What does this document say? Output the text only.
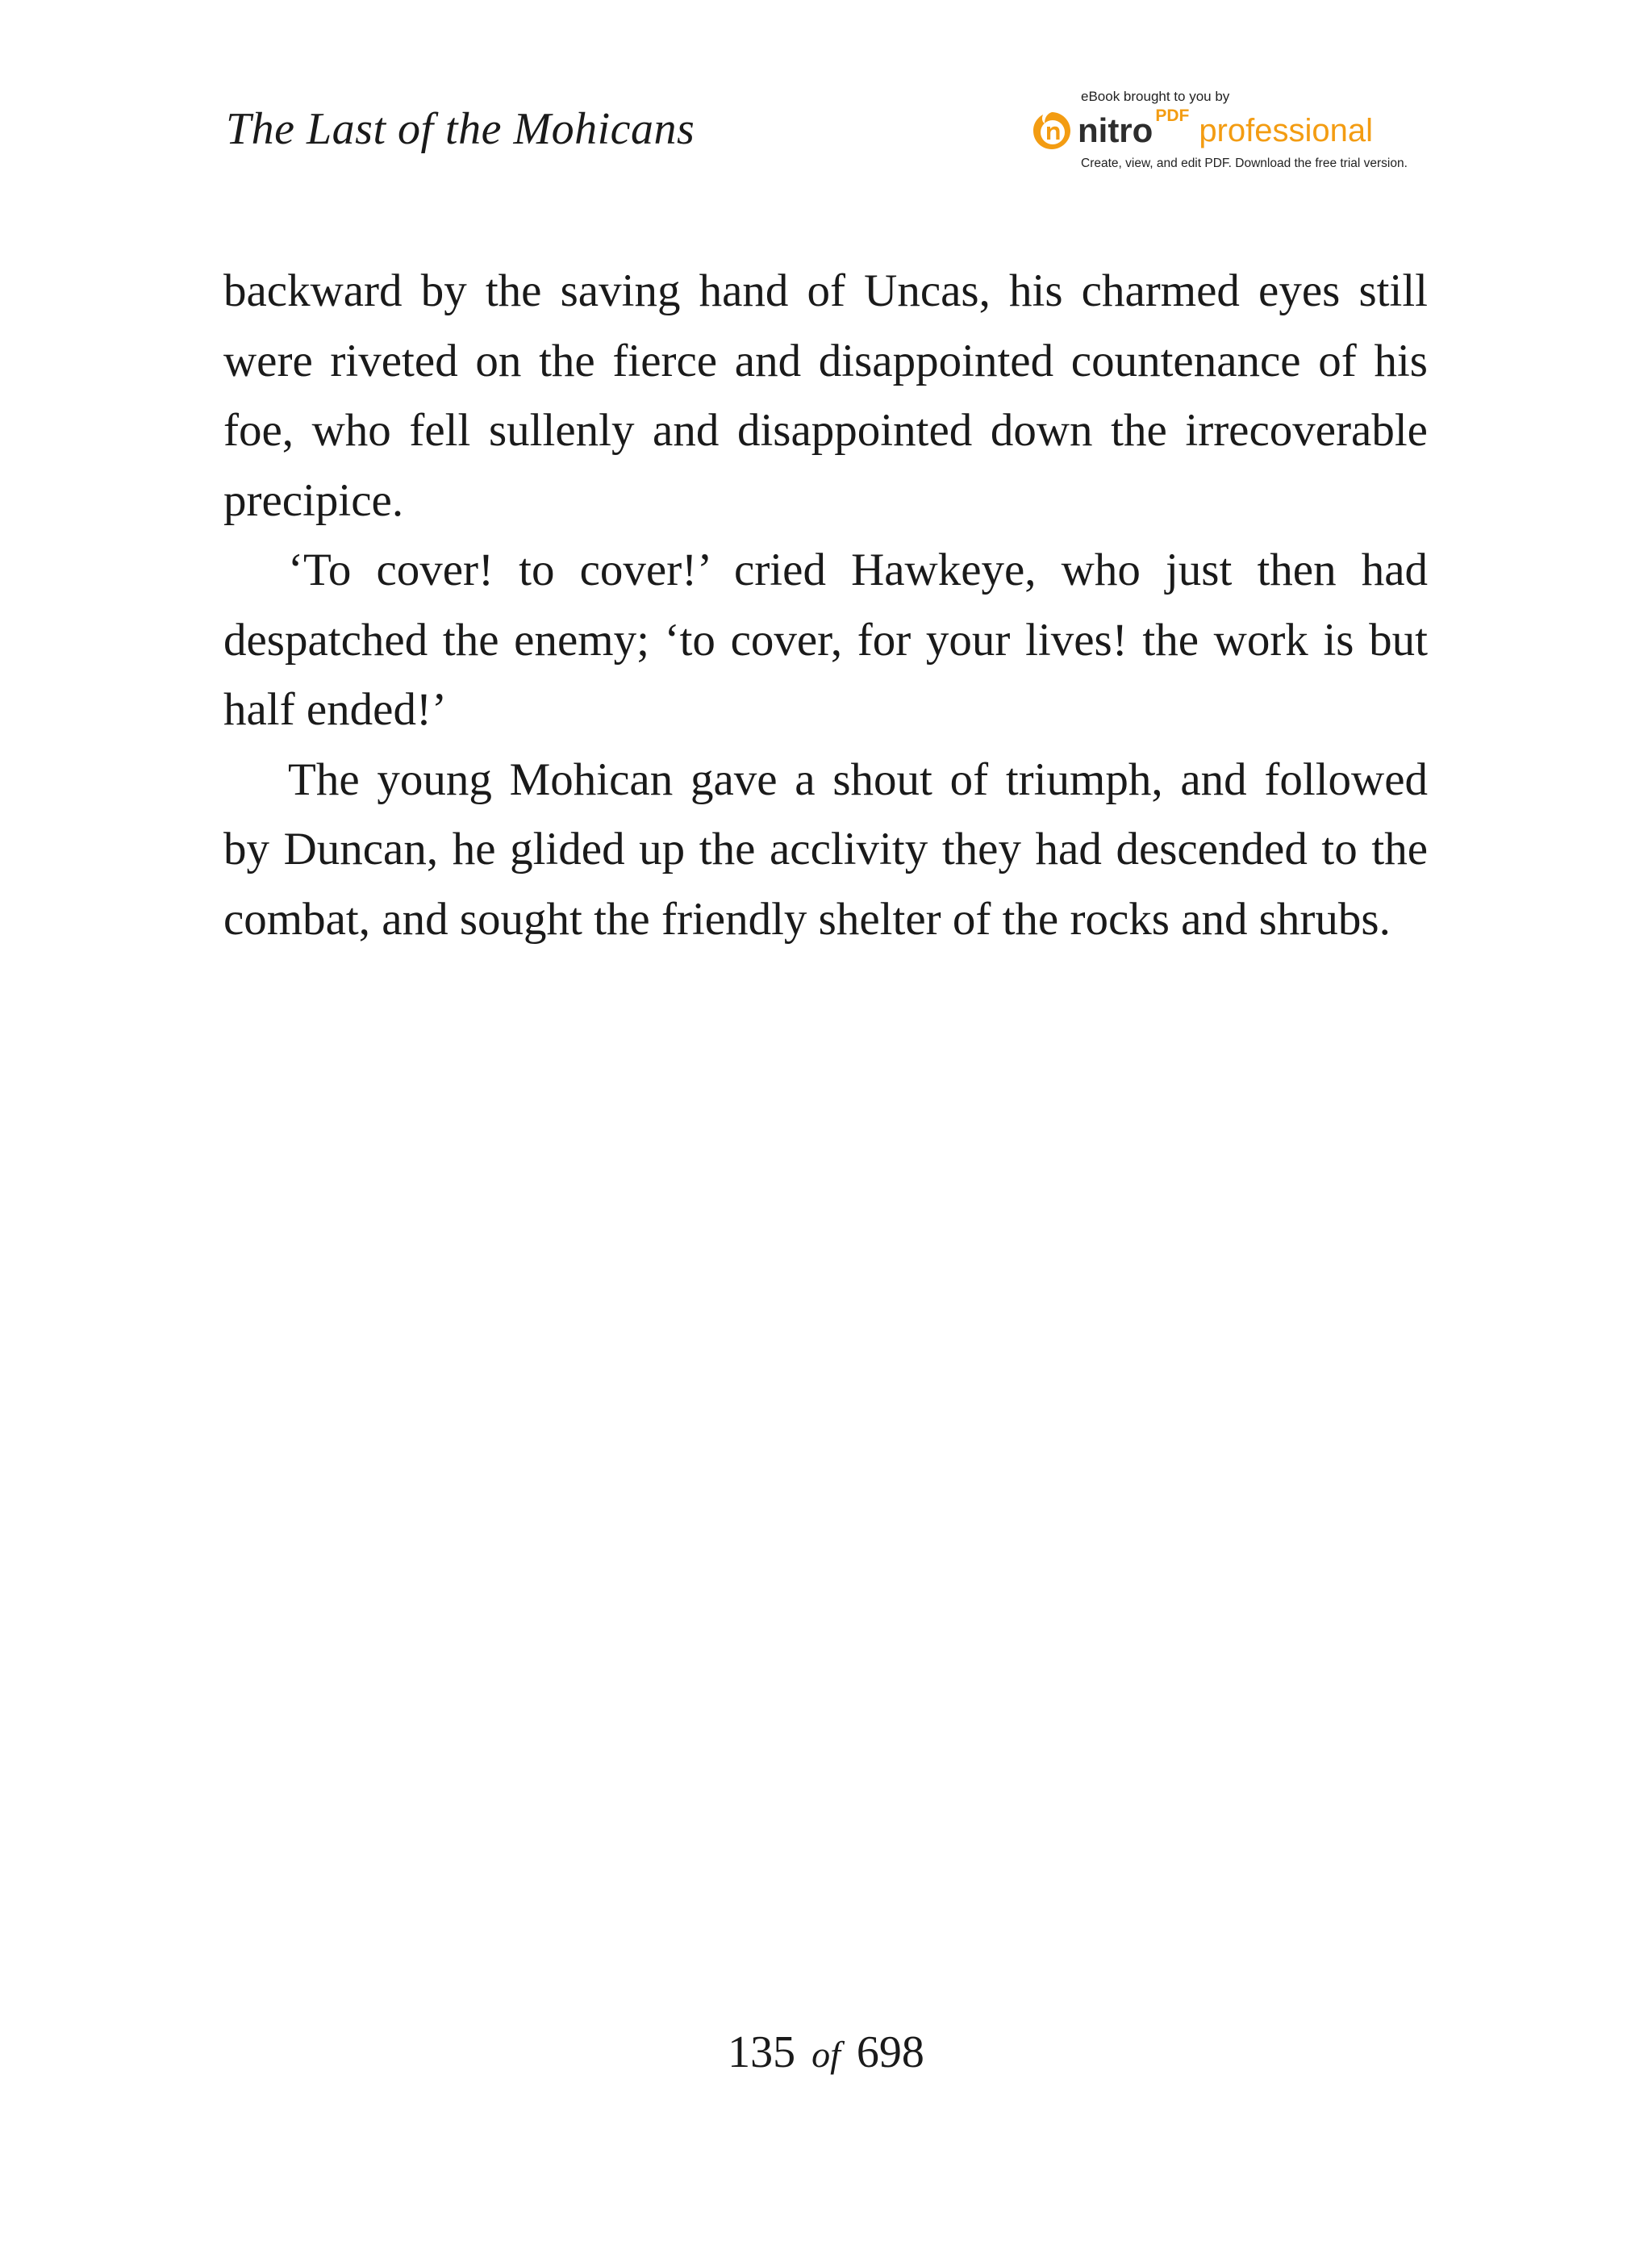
The Last of the Mohicans
eBook brought to you by
nitro PDF professional
Create, view, and edit PDF. Download the free trial version.

backward by the saving hand of Uncas, his charmed eyes still were riveted on the fierce and disappointed countenance of his foe, who fell sullenly and disappointed down the irrecoverable precipice.

‘To cover! to cover!’ cried Hawkeye, who just then had despatched the enemy; ‘to cover, for your lives! the work is but half ended!’

The young Mohican gave a shout of triumph, and followed by Duncan, he glided up the acclivity they had descended to the combat, and sought the friendly shelter of the rocks and shrubs.

135 of 698
